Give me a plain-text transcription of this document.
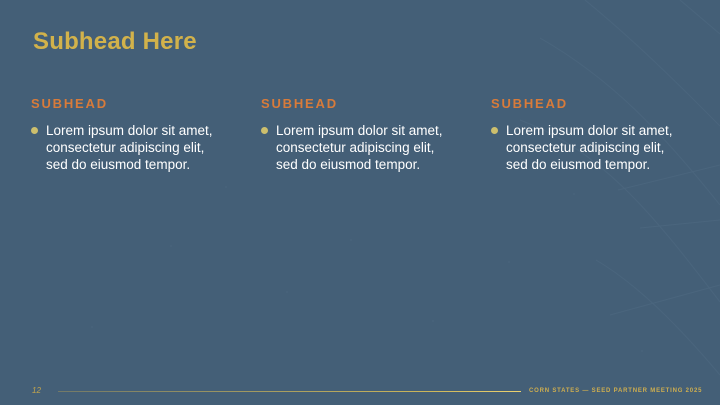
Subhead Here
SUBHEAD
Lorem ipsum dolor sit amet, consectetur adipiscing elit, sed do eiusmod tempor.
SUBHEAD
Lorem ipsum dolor sit amet, consectetur adipiscing elit, sed do eiusmod tempor.
SUBHEAD
Lorem ipsum dolor sit amet, consectetur adipiscing elit, sed do eiusmod tempor.
12	CORN STATES — SEED PARTNER MEETING 2025
